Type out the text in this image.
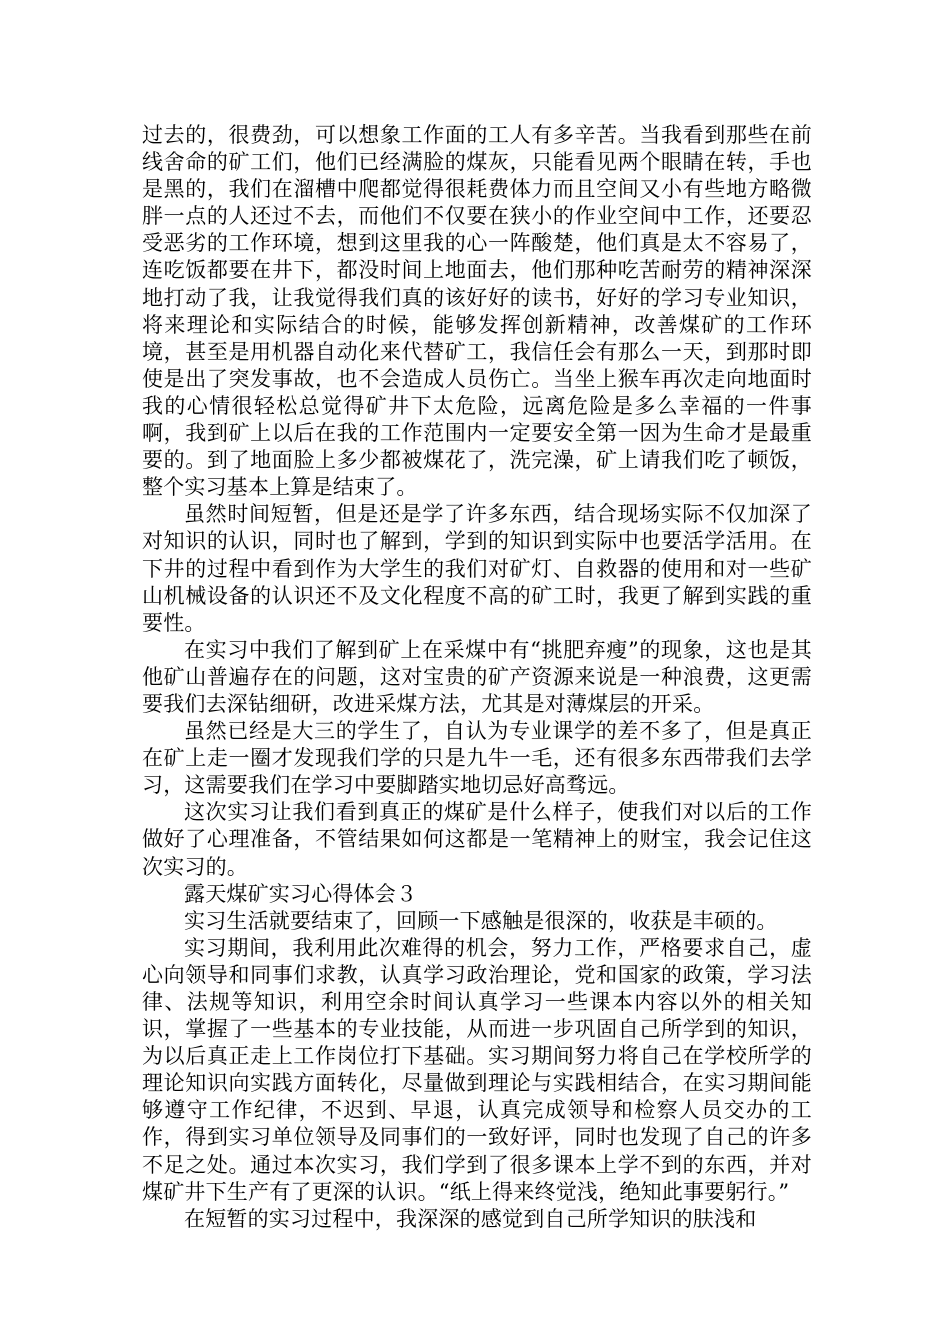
过去的，很费劲，可以想象工作面的工人有多辛苦。当我看到那些在前线舍命的矿工们，他们已经满脸的煤灰，只能看见两个眼睛在转，手也是黑的，我们在溜槽中爬都觉得很耗费体力而且空间又小有些地方略微胖一点的人还过不去，而他们不仅要在狭小的作业空间中工作，还要忍受恶劣的工作环境，想到这里我的心一阵酸楚，他们真是太不容易了，连吃饭都要在井下，都没时间上地面去，他们那种吃苦耐劳的精神深深地打动了我，让我觉得我们真的该好好的读书，好好的学习专业知识，将来理论和实际结合的时候，能够发挥创新精神，改善煤矿的工作环境，甚至是用机器自动化来代替矿工，我信任会有那么一天，到那时即使是出了突发事故，也不会造成人员伤亡。当坐上猴车再次走向地面时我的心情很轻松总觉得矿井下太危险，远离危险是多么幸福的一件事啊，我到矿上以后在我的工作范围内一定要安全第一因为生命才是最重要的。到了地面脸上多少都被煤花了，洗完澡，矿上请我们吃了顿饭，整个实习基本上算是结束了。

虽然时间短暂，但是还是学了许多东西，结合现场实际不仅加深了对知识的认识，同时也了解到，学到的知识到实际中也要活学活用。在下井的过程中看到作为大学生的我们对矿灯、自救器的使用和对一些矿山机械设备的认识还不及文化程度不高的矿工时，我更了解到实践的重要性。

在实习中我们了解到矿上在采煤中有“挑肥弃瘦”的现象，这也是其他矿山普遍存在的问题，这对宝贵的矿产资源来说是一种浪费，这更需要我们去深钻细研，改进采煤方法，尤其是对薄煤层的开采。

虽然已经是大三的学生了，自认为专业课学的差不多了，但是真正在矿上走一圈才发现我们学的只是九牛一毛，还有很多东西带我们去学习，这需要我们在学习中要脚踏实地切忌好高骛远。

这次实习让我们看到真正的煤矿是什么样子，使我们对以后的工作做好了心理准备，不管结果如何这都是一笔精神上的财宝，我会记住这次实习的。

露天煤矿实习心得体会３

实习生活就要结束了，回顾一下感触是很深的，收获是丰硕的。

实习期间，我利用此次难得的机会，努力工作，严格要求自己，虚心向领导和同事们求教，认真学习政治理论，党和国家的政策，学习法律、法规等知识，利用空余时间认真学习一些课本内容以外的相关知识，掌握了一些基本的专业技能，从而进一步巩固自己所学到的知识，为以后真正走上工作岗位打下基础。实习期间努力将自己在学校所学的理论知识向实践方面转化，尽量做到理论与实践相结合，在实习期间能够遵守工作纪律，不迟到、早退，认真完成领导和检察人员交办的工作，得到实习单位领导及同事们的一致好评，同时也发现了自己的许多不足之处。通过本次实习，我们学到了很多课本上学不到的东西，并对煤矿井下生产有了更深的认识。“纸上得来终觉浅，绝知此事要躬行。”

在短暂的实习过程中，我深深的感觉到自己所学知识的肤浅和
